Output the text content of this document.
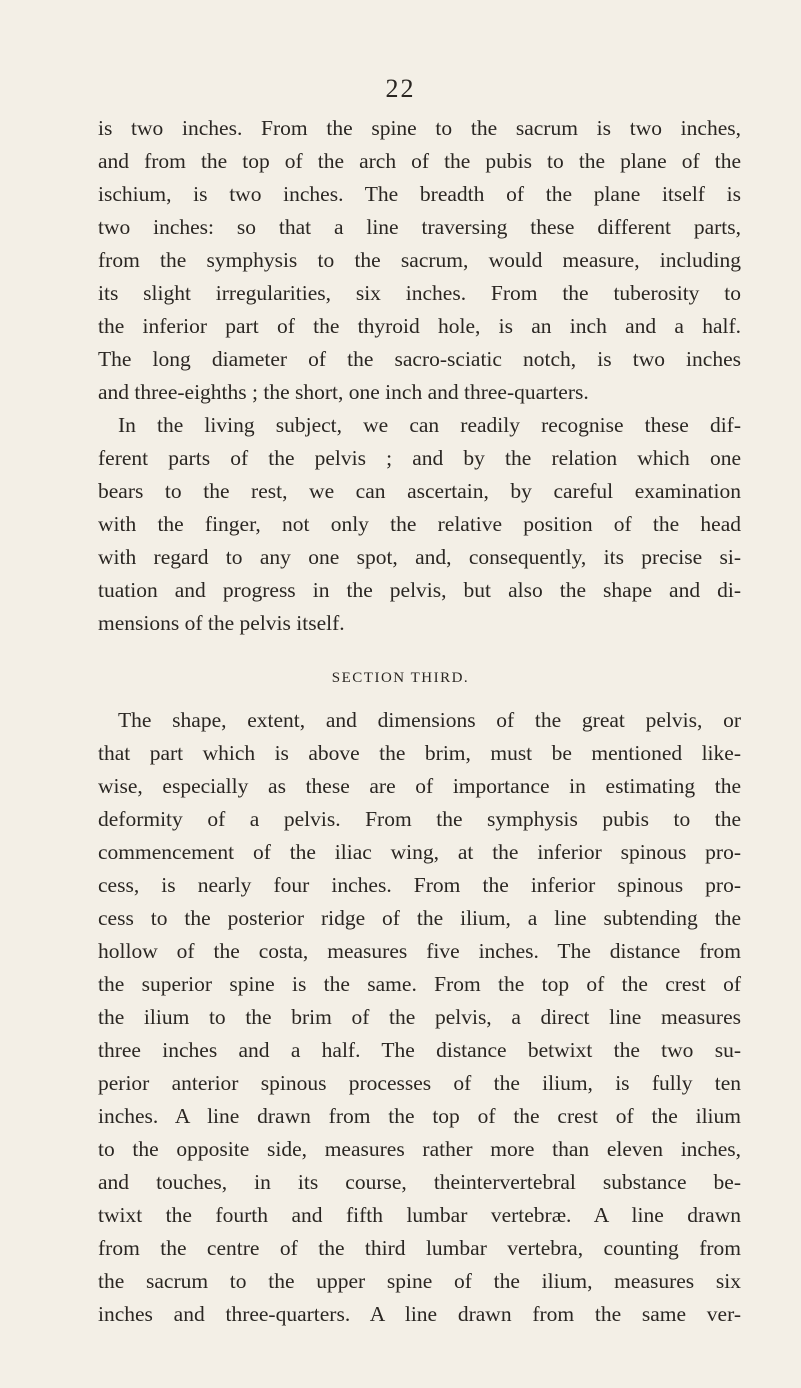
22
is two inches. From the spine to the sacrum is two inches,
and from the top of the arch of the pubis to the plane of the
ischium, is two inches. The breadth of the plane itself is
two inches: so that a line traversing these different parts,
from the symphysis to the sacrum, would measure, including
its slight irregularities, six inches. From the tuberosity to
the inferior part of the thyroid hole, is an inch and a half.
The long diameter of the sacro-sciatic notch, is two inches
and three-eighths ; the short, one inch and three-quarters.
In the living subject, we can readily recognise these dif-
ferent parts of the pelvis ; and by the relation which one
bears to the rest, we can ascertain, by careful examination
with the finger, not only the relative position of the head
with regard to any one spot, and, consequently, its precise si-
tuation and progress in the pelvis, but also the shape and di-
mensions of the pelvis itself.
SECTION THIRD.
The shape, extent, and dimensions of the great pelvis, or
that part which is above the brim, must be mentioned like-
wise, especially as these are of importance in estimating the
deformity of a pelvis. From the symphysis pubis to the
commencement of the iliac wing, at the inferior spinous pro-
cess, is nearly four inches. From the inferior spinous pro-
cess to the posterior ridge of the ilium, a line subtending the
hollow of the costa, measures five inches. The distance from
the superior spine is the same. From the top of the crest of
the ilium to the brim of the pelvis, a direct line measures
three inches and a half. The distance betwixt the two su-
perior anterior spinous processes of the ilium, is fully ten
inches. A line drawn from the top of the crest of the ilium
to the opposite side, measures rather more than eleven inches,
and touches, in its course, theintervertebral substance be-
twixt the fourth and fifth lumbar vertebræ. A line drawn
from the centre of the third lumbar vertebra, counting from
the sacrum to the upper spine of the ilium, measures six
inches and three-quarters. A line drawn from the same ver-
